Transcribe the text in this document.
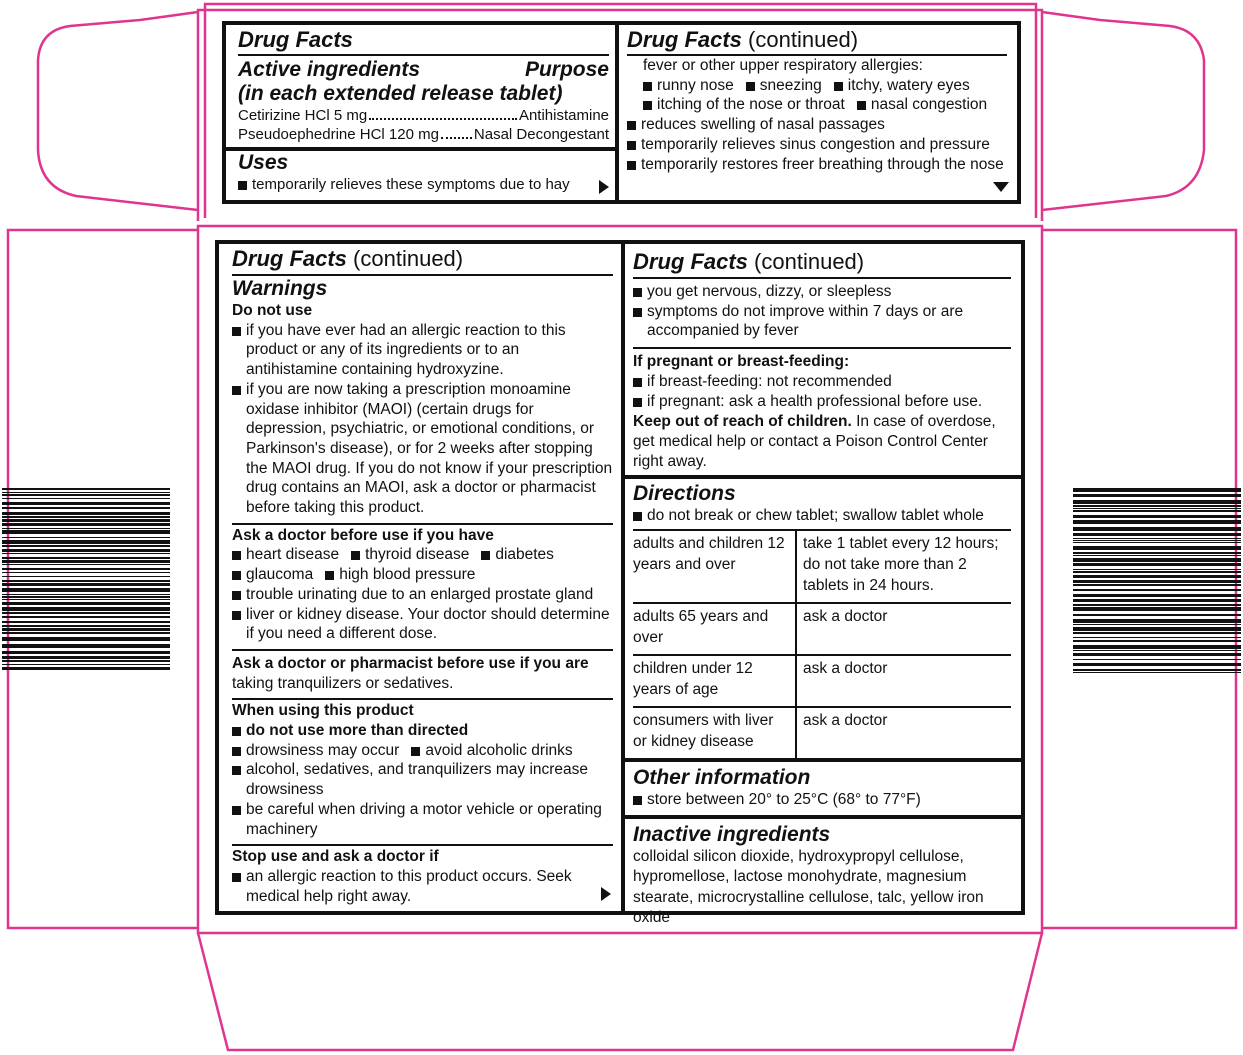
Drug Facts
Active ingredients	Purpose
(in each extended release tablet)
Cetirizine HCl 5 mg	Antihistamine
Pseudoephedrine HCl 120 mg Nasal Decongestant
Uses
temporarily relieves these symptoms due to hay
Drug Facts (continued)
fever or other upper respiratory allergies:
runny nose sneezing itchy, watery eyes
itching of the nose or throat nasal congestion
reduces swelling of nasal passages
temporarily relieves sinus congestion and pressure
temporarily restores freer breathing through the nose
Drug Facts (continued)
Warnings
Do not use
if you have ever had an allergic reaction to this product or any of its ingredients or to an antihistamine containing hydroxyzine.
if you are now taking a prescription monoamine oxidase inhibitor (MAOI) (certain drugs for depression, psychiatric, or emotional conditions, or Parkinson's disease), or for 2 weeks after stopping the MAOI drug. If you do not know if your prescription drug contains an MAOI, ask a doctor or pharmacist before taking this product.
Ask a doctor before use if you have
heart disease thyroid disease diabetes
glaucoma high blood pressure
trouble urinating due to an enlarged prostate gland
liver or kidney disease. Your doctor should determine if you need a different dose.
Ask a doctor or pharmacist before use if you are taking tranquilizers or sedatives.
When using this product
do not use more than directed
drowsiness may occur avoid alcoholic drinks
alcohol, sedatives, and tranquilizers may increase drowsiness
be careful when driving a motor vehicle or operating machinery
Stop use and ask a doctor if
an allergic reaction to this product occurs. Seek medical help right away.
Drug Facts (continued)
you get nervous, dizzy, or sleepless
symptoms do not improve within 7 days or are accompanied by fever
If pregnant or breast-feeding:
if breast-feeding: not recommended
if pregnant: ask a health professional before use.
Keep out of reach of children. In case of overdose, get medical help or contact a Poison Control Center right away.
Directions
do not break or chew tablet; swallow tablet whole
adults and children 12 years and over	take 1 tablet every 12 hours; do not take more than 2 tablets in 24 hours.
adults 65 years and over	ask a doctor
children under 12 years of age	ask a doctor
consumers with liver or kidney disease	ask a doctor
Other information
store between 20° to 25°C (68° to 77°F)
Inactive ingredients
colloidal silicon dioxide, hydroxypropyl cellulose, hypromellose, lactose monohydrate, magnesium stearate, microcrystalline cellulose, talc, yellow iron oxide
